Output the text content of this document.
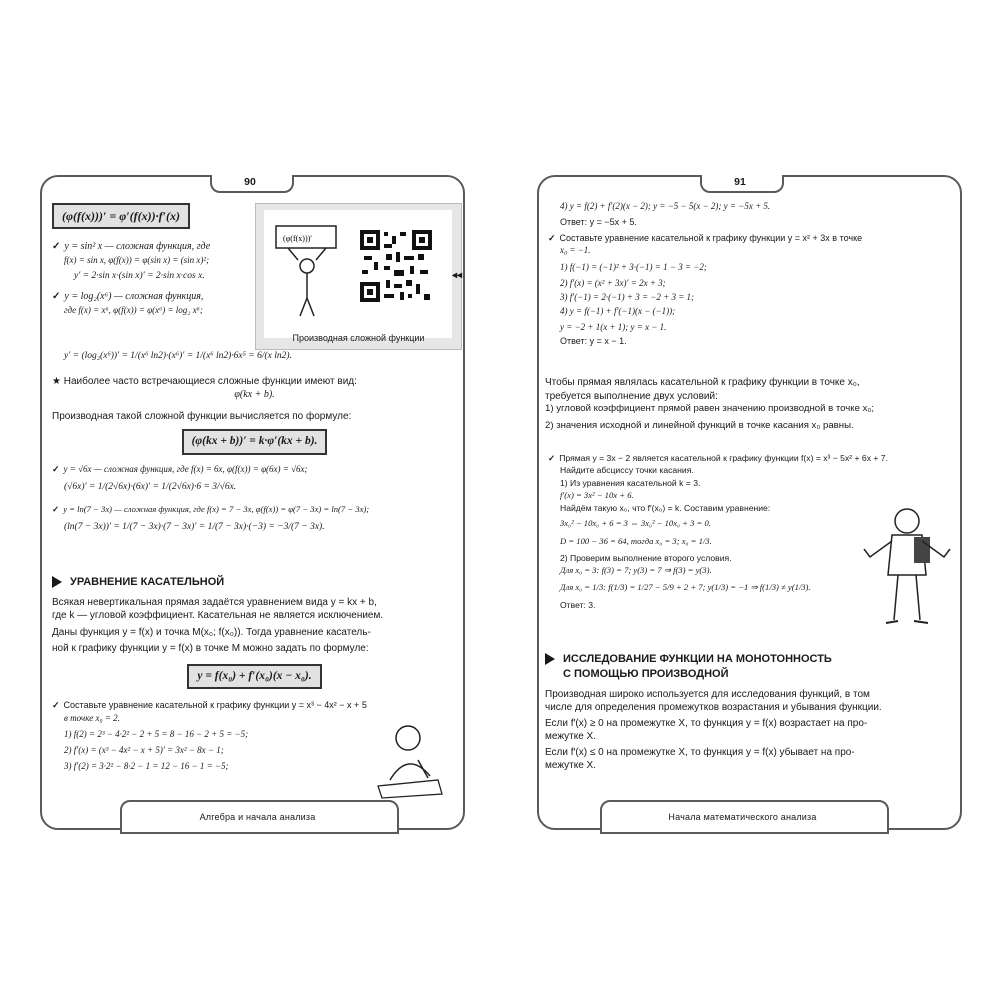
90
Алгебра и начала анализа
(φ(f(x)))′
Производная сложной функции
◂◂
(φ(f(x)))′ = φ′(f(x))·f′(x)

✓ y = sin² x — сложная функция, где

f(x) = sin x, φ(f(x)) = φ(sin x) = (sin x)²;

y′ = 2·sin x·(sin x)′ = 2·sin x·cos x.

✓ y = log₂(x⁶) — сложная функция,

где f(x) = x⁶, φ(f(x)) = φ(x⁶) = log₂ x⁶;

y′ = (log₂(x⁶))′ = 1/(x⁶ ln2)·(x⁶)′ = 1/(x⁶ ln2)·6x⁵ = 6/(x ln2).

★ Наиболее часто встречающиеся сложные функции имеют вид:

φ(kx + b).

Производная такой сложной функции вычисляется по формуле:

(φ(kx + b))′ = k·φ′(kx + b).

✓ y = √6x — сложная функция, где f(x) = 6x, φ(f(x)) = φ(6x) = √6x;

(√6x)′ = 1/(2√6x)·(6x)′ = 1/(2√6x)·6 = 3/√6x.

✓ y = ln(7 − 3x) — сложная функция, где f(x) = 7 − 3x, φ(f(x)) = φ(7 − 3x) = ln(7 − 3x);

(ln(7 − 3x))′ = 1/(7 − 3x)·(7 − 3x)′ = 1/(7 − 3x)·(−3) = −3/(7 − 3x).

УРАВНЕНИЕ КАСАТЕЛЬНОЙ

Всякая невертикальная прямая задаётся уравнением вида y = kx + b,

где k — угловой коэффициент. Касательная не является исключением.

Даны функция y = f(x) и точка M(x₀; f(x₀)). Тогда уравнение касатель-

ной к графику функции y = f(x) в точке M можно задать по формуле:

y = f(x₀) + f′(x₀)(x − x₀).

✓ Составьте уравнение касательной к графику функции y = x³ − 4x² − x + 5

в точке x₀ = 2.

1) f(2) = 2³ − 4·2² − 2 + 5 = 8 − 16 − 2 + 5 = −5;

2) f′(x) = (x³ − 4x² − x + 5)′ = 3x² − 8x − 1;

3) f′(2) = 3·2² − 8·2 − 1 = 12 − 16 − 1 = −5;

91
Начала математического анализа

4) y = f(2) + f′(2)(x − 2); y = −5 − 5(x − 2); y = −5x + 5.

Ответ: y = −5x + 5.

✓ Составьте уравнение касательной к графику функции y = x² + 3x в точке

x₀ = −1.

1) f(−1) = (−1)² + 3·(−1) = 1 − 3 = −2;

2) f′(x) = (x² + 3x)′ = 2x + 3;

3) f′(−1) = 2·(−1) + 3 = −2 + 3 = 1;

4) y = f(−1) + f′(−1)(x − (−1));

y = −2 + 1(x + 1); y = x − 1.

Ответ: y = x − 1.

Чтобы прямая являлась касательной к графику функции в точке x₀,

требуется выполнение двух условий:

1) угловой коэффициент прямой равен значению производной в точке x₀;

2) значения исходной и линейной функций в точке касания x₀ равны.

✓ Прямая y = 3x − 2 является касательной к графику функции f(x) = x³ − 5x² + 6x + 7.

Найдите абсциссу точки касания.

1) Из уравнения касательной k = 3.

f′(x) = 3x² − 10x + 6.

Найдём такую x₀, что f′(x₀) = k. Составим уравнение:

3x₀² − 10x₀ + 6 = 3 ⇔ 3x₀² − 10x₀ + 3 = 0.

D = 100 − 36 = 64, тогда x₀ = 3; x₀ = 1/3.

2) Проверим выполнение второго условия.

Для x₀ = 3: f(3) = 7; y(3) = 7 ⇒ f(3) = y(3).

Для x₀ = 1/3: f(1/3) = 1/27 − 5/9 + 2 + 7; y(1/3) = −1 ⇒ f(1/3) ≠ y(1/3).

Ответ: 3.

ИССЛЕДОВАНИЕ ФУНКЦИИ НА МОНОТОННОСТЬ
С ПОМОЩЬЮ ПРОИЗВОДНОЙ

Производная широко используется для исследования функций, в том

числе для определения промежутков возрастания и убывания функции.

Если f′(x) ≥ 0 на промежутке X, то функция y = f(x) возрастает на про-

межутке X.

Если f′(x) ≤ 0 на промежутке X, то функция y = f(x) убывает на про-

межутке X.
